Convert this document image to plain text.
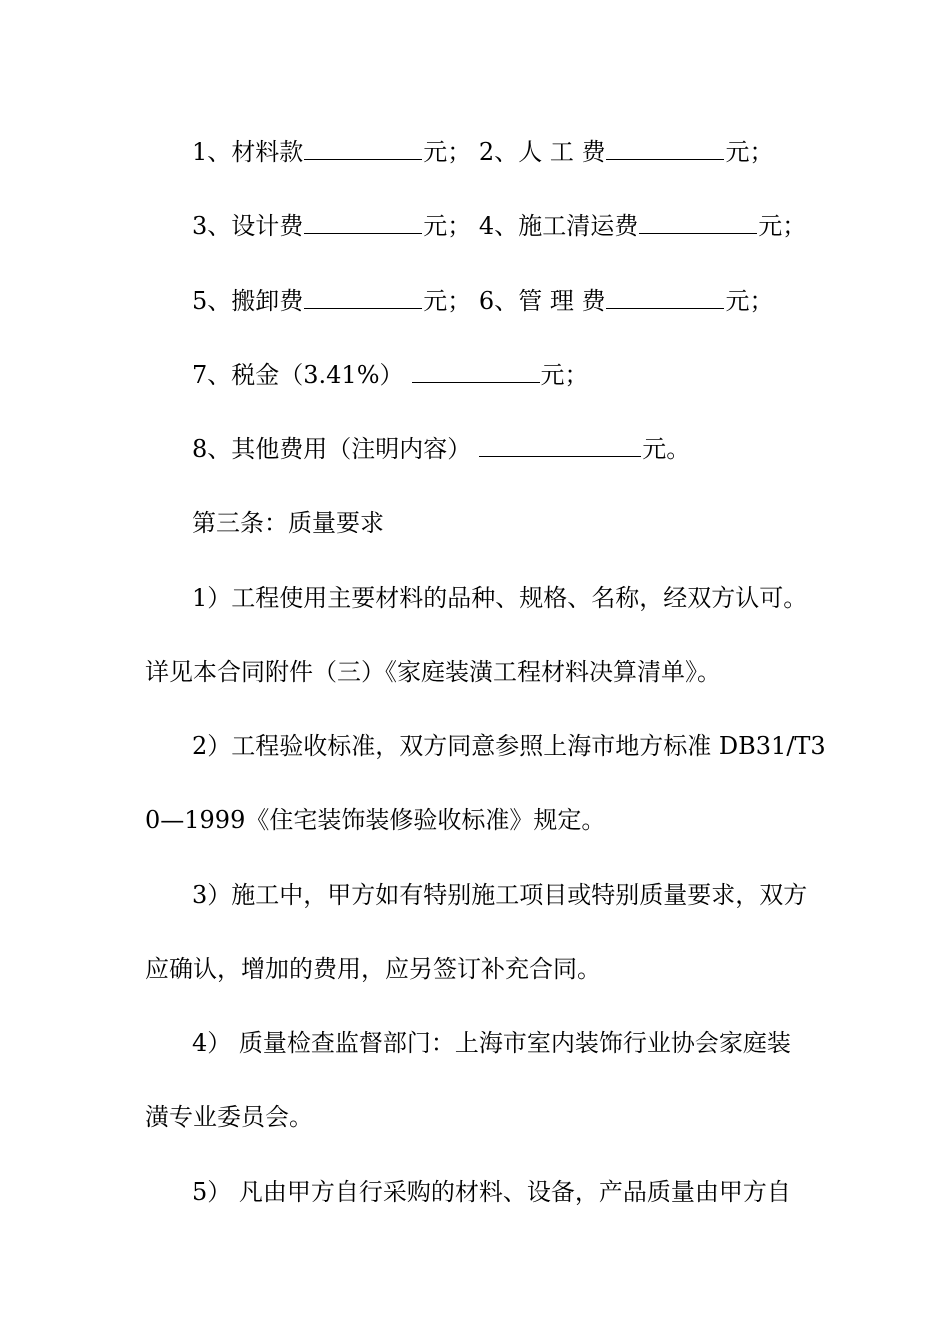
1、材料款	元； 2、人 工 费	元；
3、设计费	元； 4、施工清运费	元；
5、搬卸费	元； 6、管 理 费	元；
7、税金（3.41%）	元；
8、其他费用（注明内容）	元。
第三条：质量要求
1）工程使用主要材料的品种、规格、名称，经双方认可。
详见本合同附件（三）《家庭装潢工程材料决算清单》。
2）工程验收标准，双方同意参照上海市地方标准 DB31/T3
0—1999《住宅装饰装修验收标准》规定。
3）施工中，甲方如有特别施工项目或特别质量要求，双方
应确认，增加的费用，应另签订补充合同。
4） 质量检查监督部门：上海市室内装饰行业协会家庭装
潢专业委员会。
5） 凡由甲方自行采购的材料、设备，产品质量由甲方自
